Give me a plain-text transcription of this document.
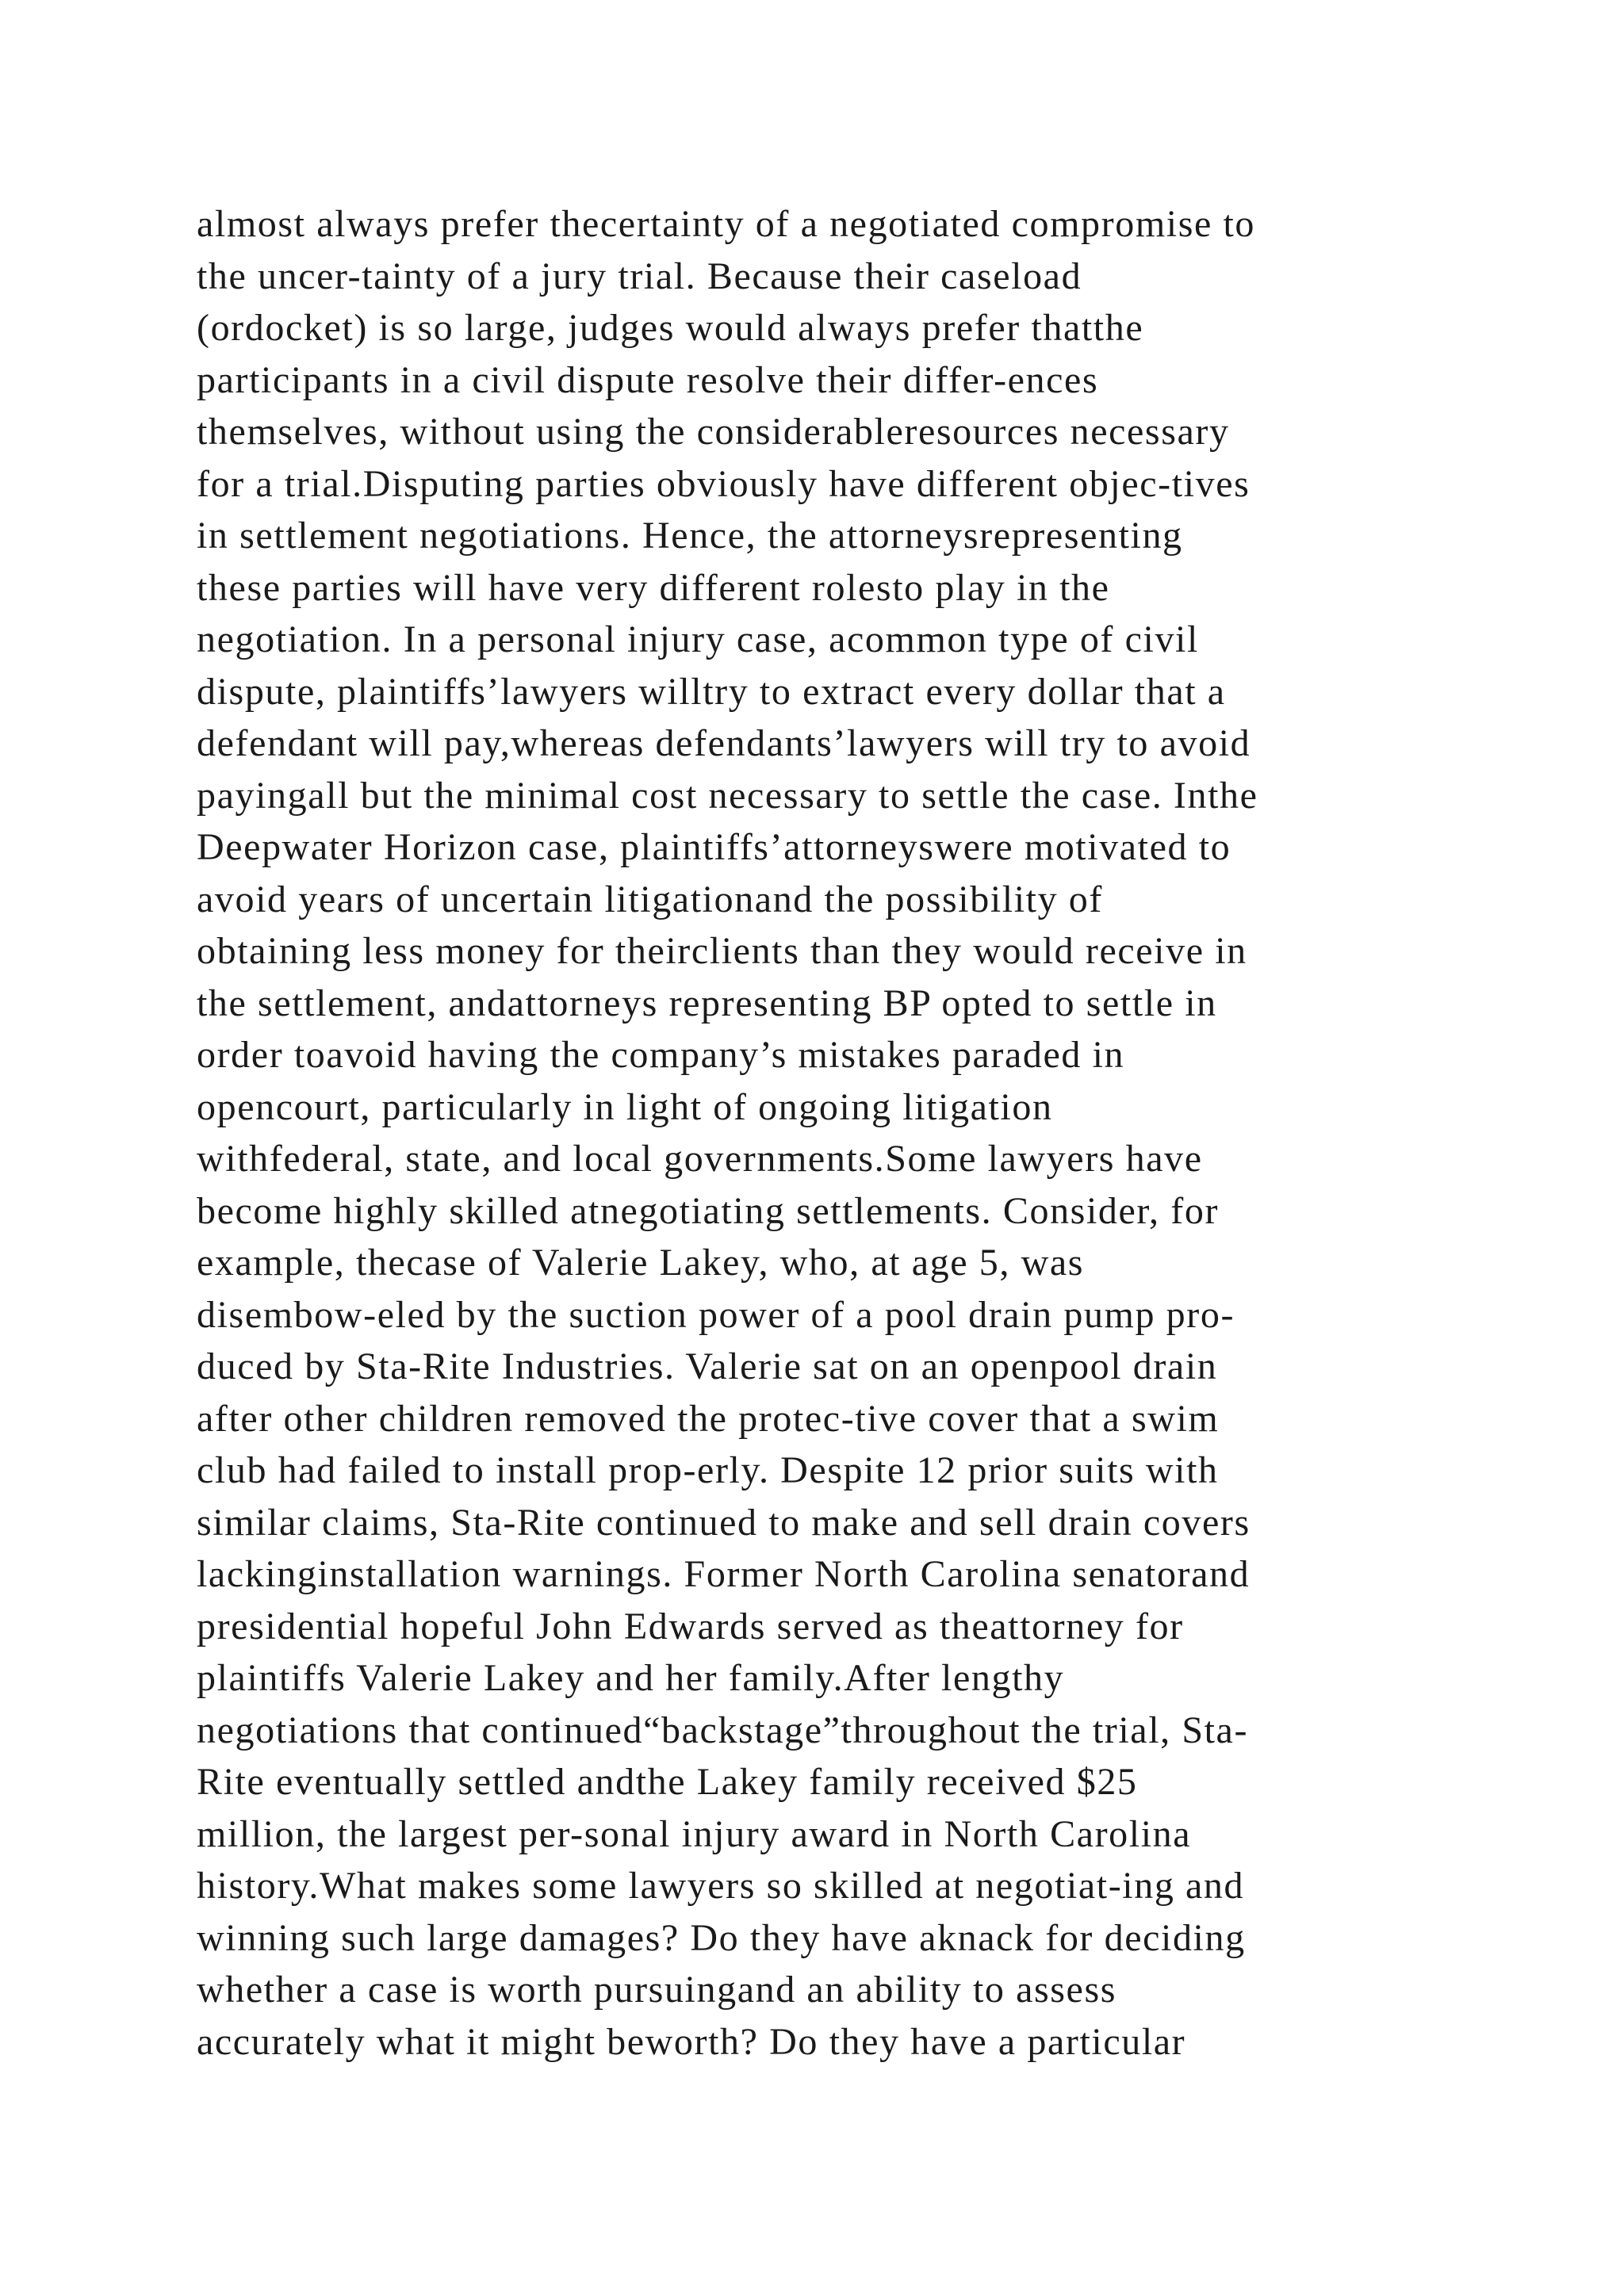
almost always prefer thecertainty of a negotiated compromise to
the uncer-tainty of a jury trial. Because their caseload
(ordocket) is so large, judges would always prefer thatthe
participants in a civil dispute resolve their differ-ences
themselves, without using the considerableresources necessary
for a trial.Disputing parties obviously have different objec-tives
in settlement negotiations. Hence, the attorneysrepresenting
these parties will have very different rolesto play in the
negotiation. In a personal injury case, acommon type of civil
dispute, plaintiffs’lawyers willtry to extract every dollar that a
defendant will pay,whereas defendants’lawyers will try to avoid
payingall but the minimal cost necessary to settle the case. Inthe
Deepwater Horizon case, plaintiffs’attorneyswere motivated to
avoid years of uncertain litigationand the possibility of
obtaining less money for theirclients than they would receive in
the settlement, andattorneys representing BP opted to settle in
order toavoid having the company’s mistakes paraded in
opencourt, particularly in light of ongoing litigation
withfederal, state, and local governments.Some lawyers have
become highly skilled atnegotiating settlements. Consider, for
example, thecase of Valerie Lakey, who, at age 5, was
disembow-eled by the suction power of a pool drain pump pro-
duced by Sta-Rite Industries. Valerie sat on an openpool drain
after other children removed the protec-tive cover that a swim
club had failed to install prop-erly. Despite 12 prior suits with
similar claims, Sta-Rite continued to make and sell drain covers
lackinginstallation warnings. Former North Carolina senatorand
presidential hopeful John Edwards served as theattorney for
plaintiffs Valerie Lakey and her family.After lengthy
negotiations that continued“backstage”throughout the trial, Sta-
Rite eventually settled andthe Lakey family received $25
million, the largest per-sonal injury award in North Carolina
history.What makes some lawyers so skilled at negotiat-ing and
winning such large damages? Do they have aknack for deciding
whether a case is worth pursuingand an ability to assess
accurately what it might beworth? Do they have a particular
